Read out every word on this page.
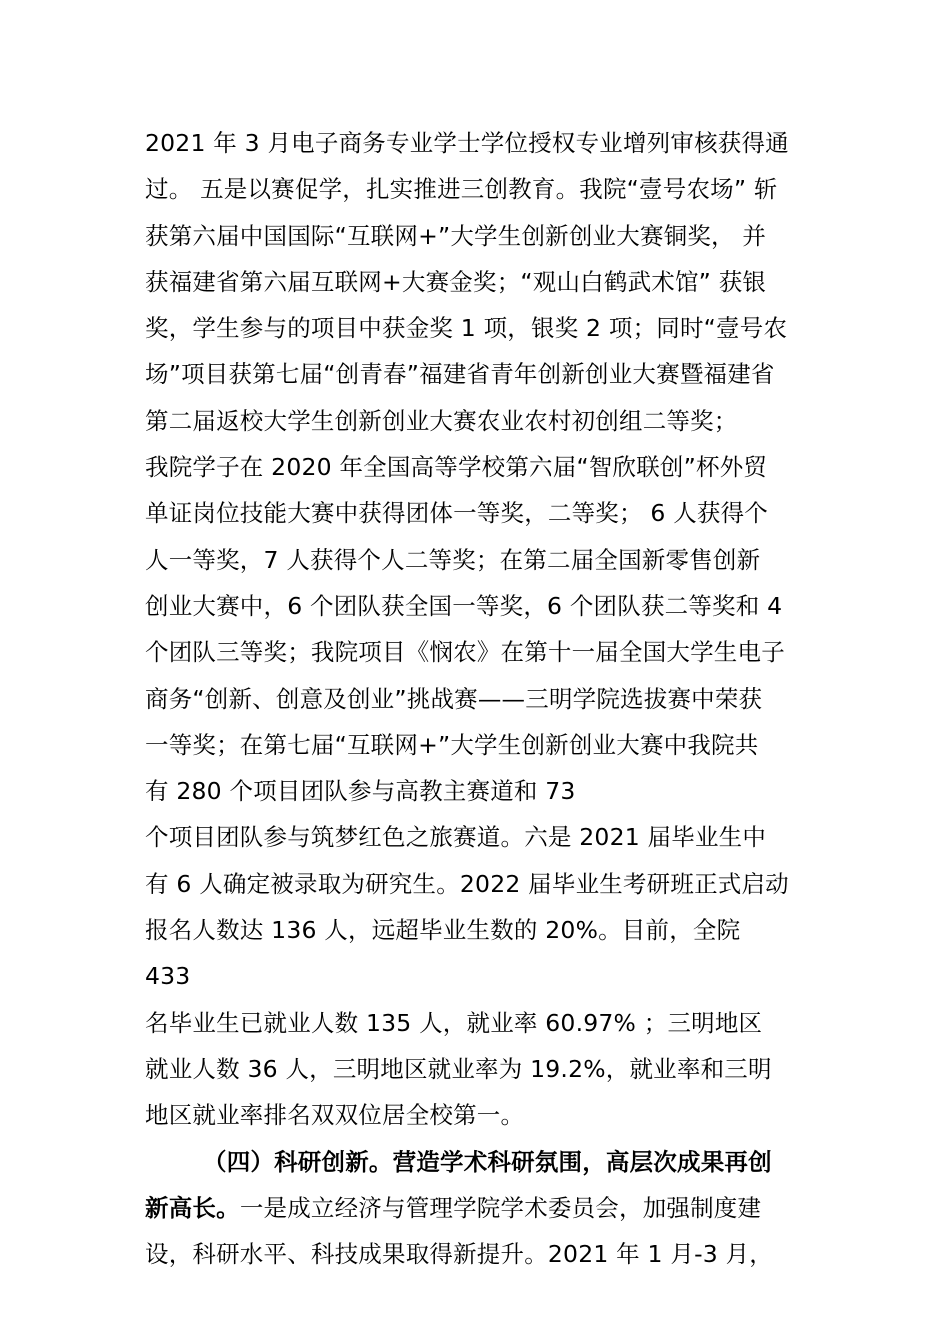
2021 年 3 月电子商务专业学士学位授权专业增列审核获得通
过。 五是以赛促学，扎实推进三创教育。我院“壹号农场” 斩
获第六届中国国际“互联网+”大学生创新创业大赛铜奖， 并
获福建省第六届互联网+大赛金奖；“观山白鹤武术馆” 获银
奖，学生参与的项目中获金奖 1 项，银奖 2 项；同时“壹号农
场”项目获第七届“创青春”福建省青年创新创业大赛暨福建省
第二届返校大学生创新创业大赛农业农村初创组二等奖；
我院学子在 2020 年全国高等学校第六届“智欣联创”杯外贸
单证岗位技能大赛中获得团体一等奖，二等奖； 6 人获得个
人一等奖，7 人获得个人二等奖；在第二届全国新零售创新
创业大赛中，6 个团队获全国一等奖，6 个团队获二等奖和 4
个团队三等奖；我院项目《悯农》在第十一届全国大学生电子
商务“创新、创意及创业”挑战赛——三明学院选拔赛中荣获
一等奖；在第七届“互联网+”大学生创新创业大赛中我院共
有 280 个项目团队参与高教主赛道和 73
个项目团队参与筑梦红色之旅赛道。六是 2021 届毕业生中
有 6 人确定被录取为研究生。2022 届毕业生考研班正式启动
报名人数达 136 人，远超毕业生数的 20%。目前，全院
433
名毕业生已就业人数 135 人，就业率 60.97% ；三明地区
就业人数 36 人，三明地区就业率为 19.2%，就业率和三明
地区就业率排名双双位居全校第一。
（四）科研创新。营造学术科研氛围，高层次成果再创
新高长。一是成立经济与管理学院学术委员会，加强制度建
设，科研水平、科技成果取得新提升。2021 年 1 月-3 月，
